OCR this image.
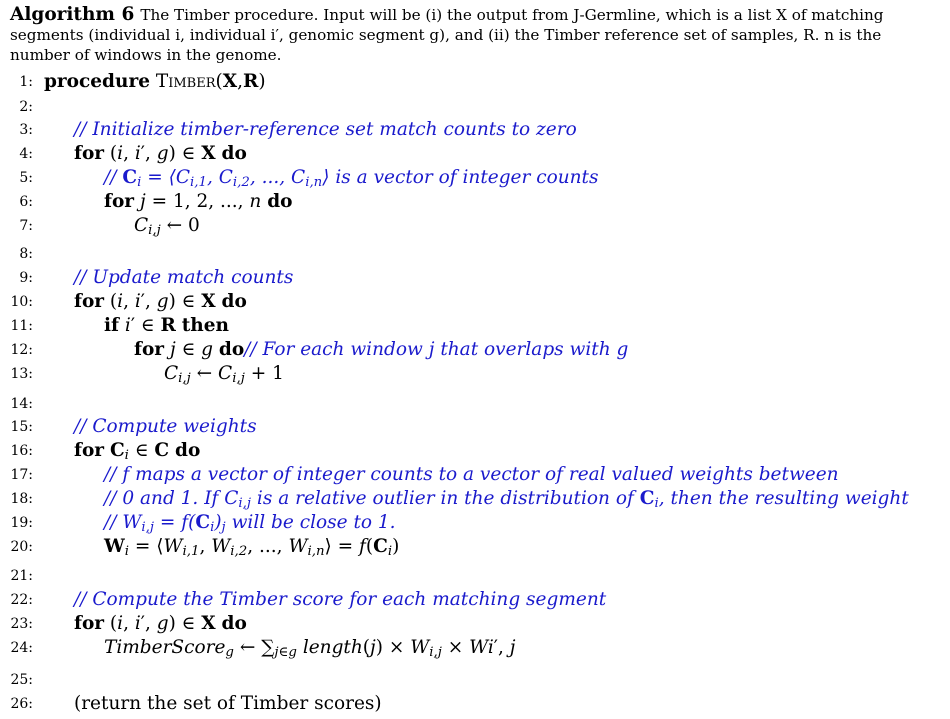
Algorithm 6 The Timber procedure. Input will be (i) the output from J-Germline, which is a list X of matching segments (individual i, individual i′, genomic segment g), and (ii) the Timber reference set of samples, R. n is the number of windows in the genome.
1: procedure Timber(X,R)
2:
3: // Initialize timber-reference set match counts to zero
4: for (i, i′, g) ∈ X do
5:	// $C_i$ = $⟨C_{i,1}$, $C_{i,2}$, ..., $C_{i,n}⟩$ is a vector of integer counts
6:	for j = 1, 2, ..., n do
7:	$C_{i,j}$ ← 0
8:
9: // Update match counts
10: for (i, i′, g) ∈ X do
11:	if i′ ∈ R then
12:	for j ∈ g do// For each window j that overlaps with g
13:	$C_{i,j}$ ← $C_{i,j} + 1$
14:
15: // Compute weights
16: for $C_i$ ∈ C do
17:	// f maps a vector of integer counts to a vector of real valued weights between
18:	// 0 and 1. If $C_{i,j}$ is a relative outlier in the distribution of $C_i$, then the resulting weight
19:	// $W_{i,j} = f(C_i)_j$ will be close to 1.
20:	$W_i$ = $⟨W_{i,1}$, $W_{i,2}$, ..., $W_{i,n}⟩ = f(C_i)$
21:
22: // Compute the Timber score for each matching segment
23: for (i, i′, g) ∈ X do
24:	TimberScore$_g$ ← $\sum_{j\in g}$ length(j) × $W_{i,j} \times Wi'$, j
25:
26: (return the set of Timber scores)
